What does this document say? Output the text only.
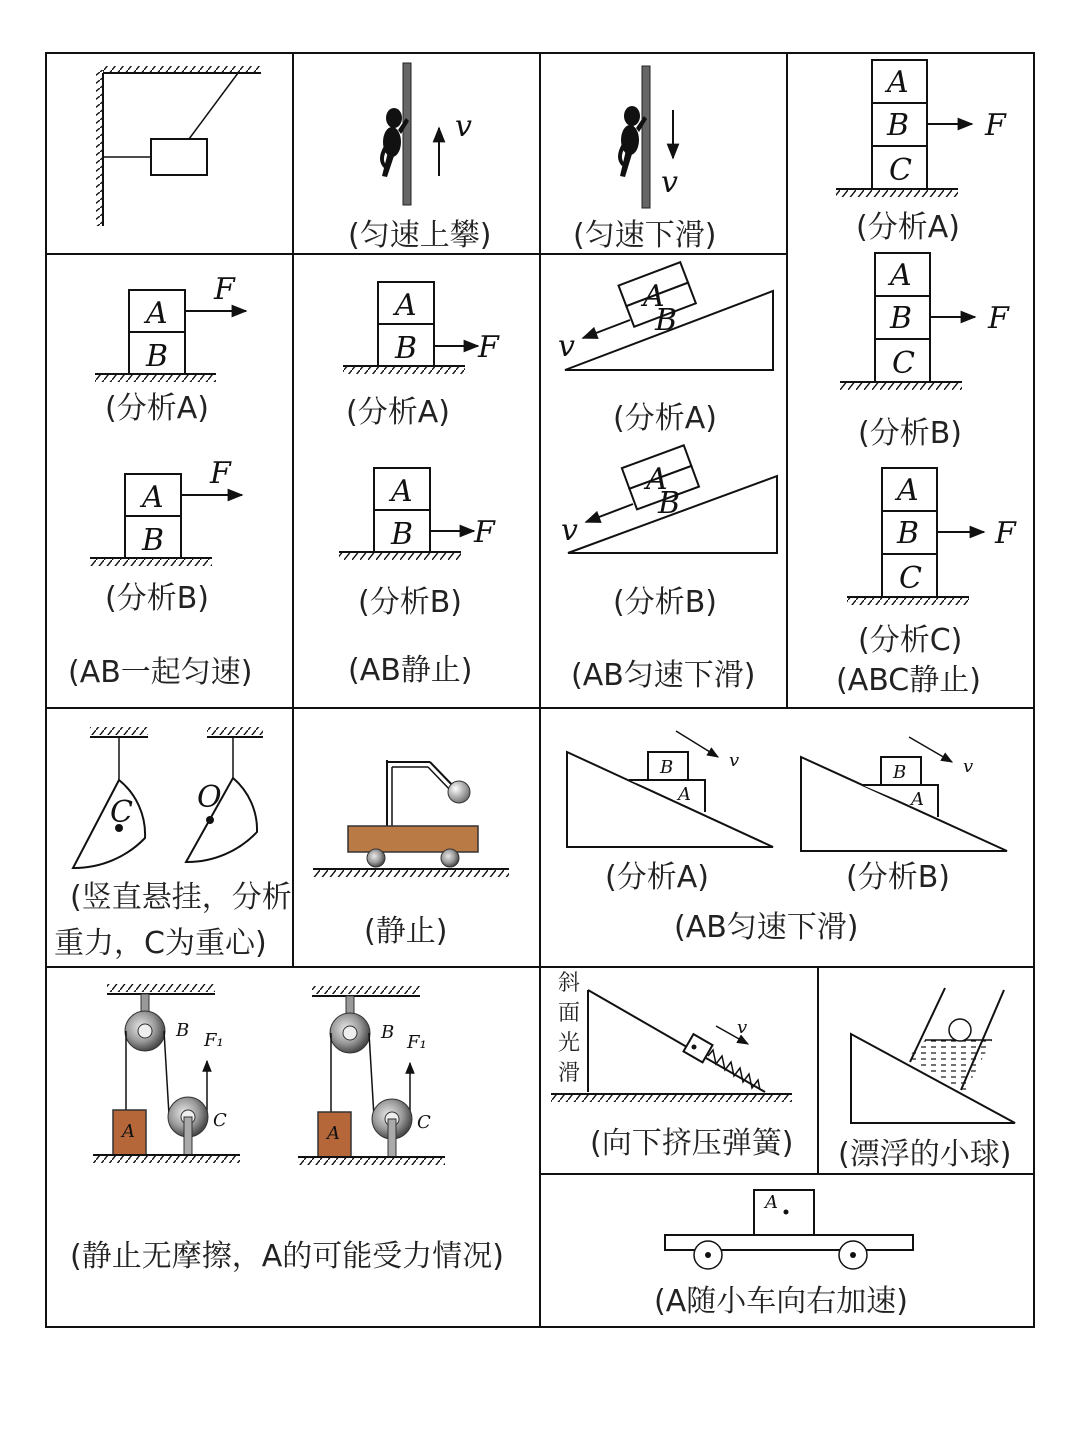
v
(匀速上攀)
v
(匀速下滑)
A
B
C
F
(分析A)
A
B
C
F
(分析B)
A
B
C
F
(分析C)
(ABC静止)
A
B
F
(分析A)
A
B
F
(分析B)
(AB一起匀速)
A
B F
(分析A)
A
B F
(分析B)
(AB静止)
A
B
v
(分析A)
A
B
v
(分析B)
(AB匀速下滑)
C O
(竖直悬挂，分析
重力，C为重心)	(静止)
B
A
v
(分析A)
B
A
v
(分析B)
(AB匀速下滑)
B F₁
C
A
B F₁
C
A
(静止无摩擦，A的可能受力情况)
斜
面
光
滑
v
(向下挤压弹簧) (漂浮的小球)
A
(A随小车向右加速)
